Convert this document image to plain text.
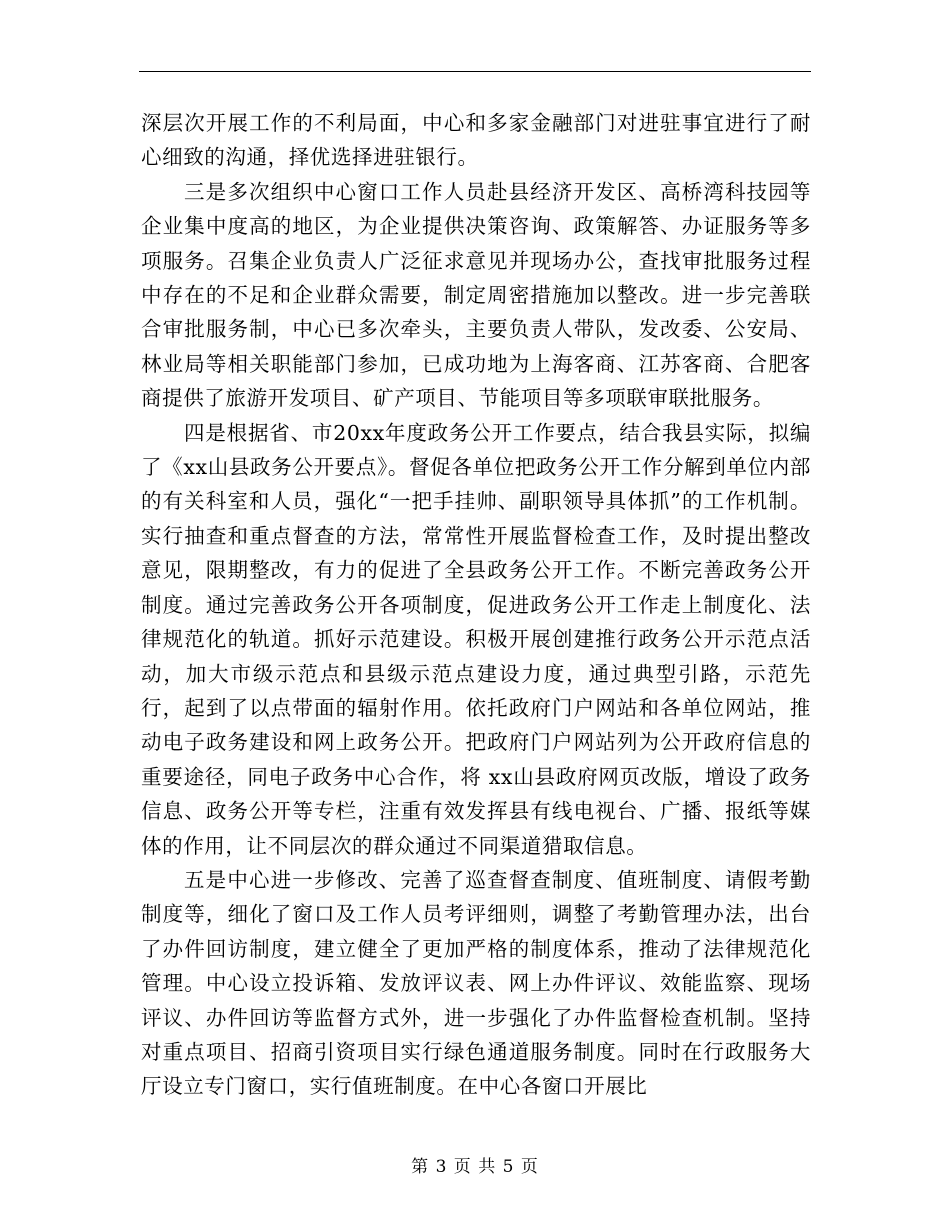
深层次开展工作的不利局面，中心和多家金融部门对进驻事宜进行了耐心细致的沟通，择优选择进驻银行。

三是多次组织中心窗口工作人员赴县经济开发区、高桥湾科技园等企业集中度高的地区，为企业提供决策咨询、政策解答、办证服务等多项服务。召集企业负责人广泛征求意见并现场办公，查找审批服务过程中存在的不足和企业群众需要，制定周密措施加以整改。进一步完善联合审批服务制，中心已多次牵头，主要负责人带队，发改委、公安局、林业局等相关职能部门参加，已成功地为上海客商、江苏客商、合肥客商提供了旅游开发项目、矿产项目、节能项目等多项联审联批服务。

四是根据省、市20xx年度政务公开工作要点，结合我县实际，拟编了《xx山县政务公开要点》。督促各单位把政务公开工作分解到单位内部的有关科室和人员，强化“一把手挂帅、副职领导具体抓”的工作机制。实行抽查和重点督查的方法，常常性开展监督检查工作，及时提出整改意见，限期整改，有力的促进了全县政务公开工作。不断完善政务公开制度。通过完善政务公开各项制度，促进政务公开工作走上制度化、法律规范化的轨道。抓好示范建设。积极开展创建推行政务公开示范点活动，加大市级示范点和县级示范点建设力度，通过典型引路，示范先行，起到了以点带面的辐射作用。依托政府门户网站和各单位网站，推动电子政务建设和网上政务公开。把政府门户网站列为公开政府信息的重要途径，同电子政务中心合作，将 xx山县政府网页改版，增设了政务信息、政务公开等专栏，注重有效发挥县有线电视台、广播、报纸等媒体的作用，让不同层次的群众通过不同渠道猎取信息。

五是中心进一步修改、完善了巡查督查制度、值班制度、请假考勤制度等，细化了窗口及工作人员考评细则，调整了考勤管理办法，出台了办件回访制度，建立健全了更加严格的制度体系，推动了法律规范化管理。中心设立投诉箱、发放评议表、网上办件评议、效能监察、现场评议、办件回访等监督方式外，进一步强化了办件监督检查机制。坚持对重点项目、招商引资项目实行绿色通道服务制度。同时在行政服务大厅设立专门窗口，实行值班制度。在中心各窗口开展比

第 3 页 共 5 页
